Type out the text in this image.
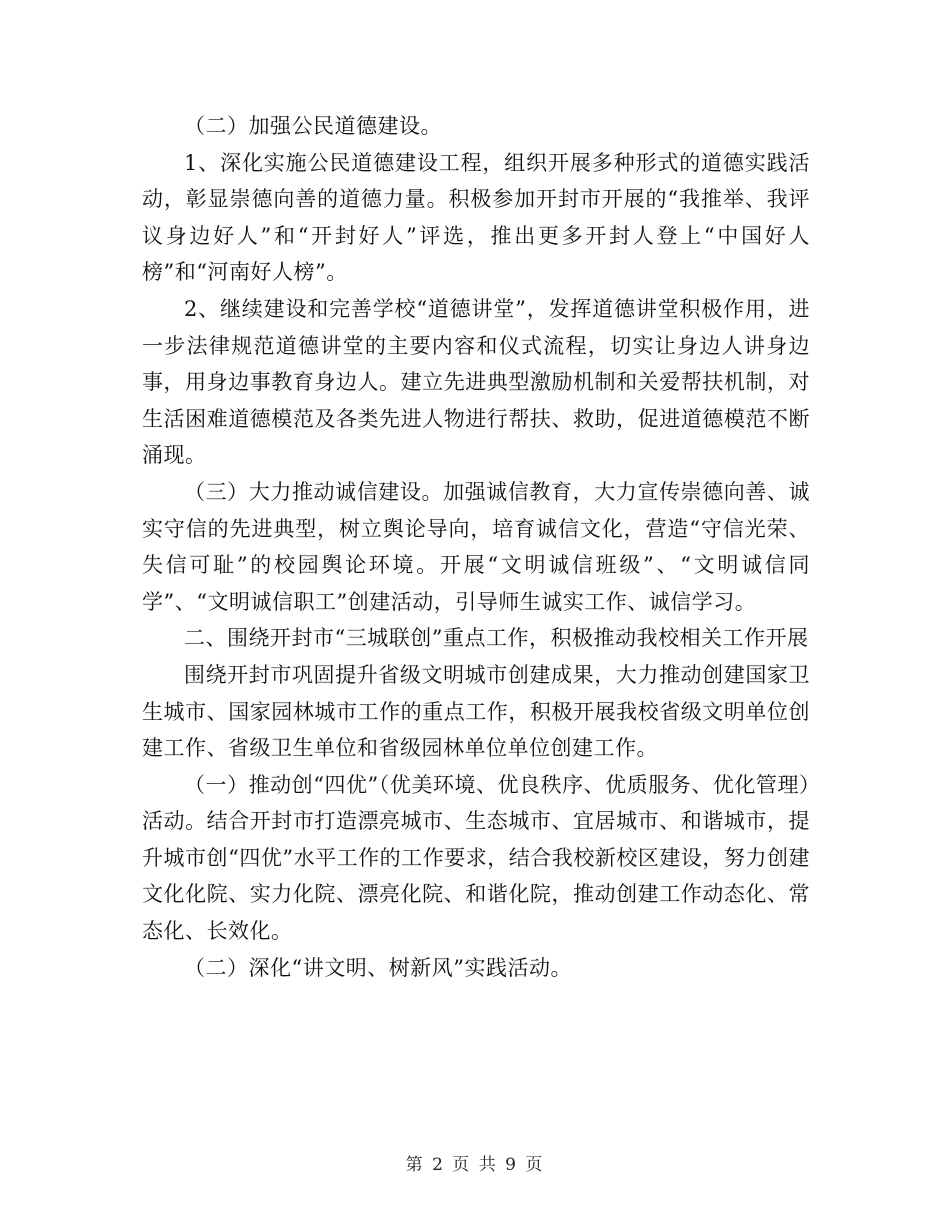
（二）加强公民道德建设。

1、深化实施公民道德建设工程，组织开展多种形式的道德实践活动，彰显崇德向善的道德力量。积极参加开封市开展的“我推举、我评议身边好人”和“开封好人”评选，推出更多开封人登上“中国好人榜”和“河南好人榜”。

2、继续建设和完善学校“道德讲堂”，发挥道德讲堂积极作用，进一步法律规范道德讲堂的主要内容和仪式流程，切实让身边人讲身边事，用身边事教育身边人。建立先进典型激励机制和关爱帮扶机制，对生活困难道德模范及各类先进人物进行帮扶、救助，促进道德模范不断涌现。

（三）大力推动诚信建设。加强诚信教育，大力宣传崇德向善、诚实守信的先进典型，树立舆论导向，培育诚信文化，营造“守信光荣、失信可耻”的校园舆论环境。开展“文明诚信班级”、“文明诚信同学”、“文明诚信职工”创建活动，引导师生诚实工作、诚信学习。

二、围绕开封市“三城联创”重点工作，积极推动我校相关工作开展

围绕开封市巩固提升省级文明城市创建成果，大力推动创建国家卫生城市、国家园林城市工作的重点工作，积极开展我校省级文明单位创建工作、省级卫生单位和省级园林单位单位创建工作。

（一）推动创“四优”（优美环境、优良秩序、优质服务、优化管理）活动。结合开封市打造漂亮城市、生态城市、宜居城市、和谐城市，提升城市创“四优”水平工作的工作要求，结合我校新校区建设，努力创建文化化院、实力化院、漂亮化院、和谐化院，推动创建工作动态化、常态化、长效化。

（二）深化“讲文明、树新风”实践活动。

第 2 页 共 9 页
